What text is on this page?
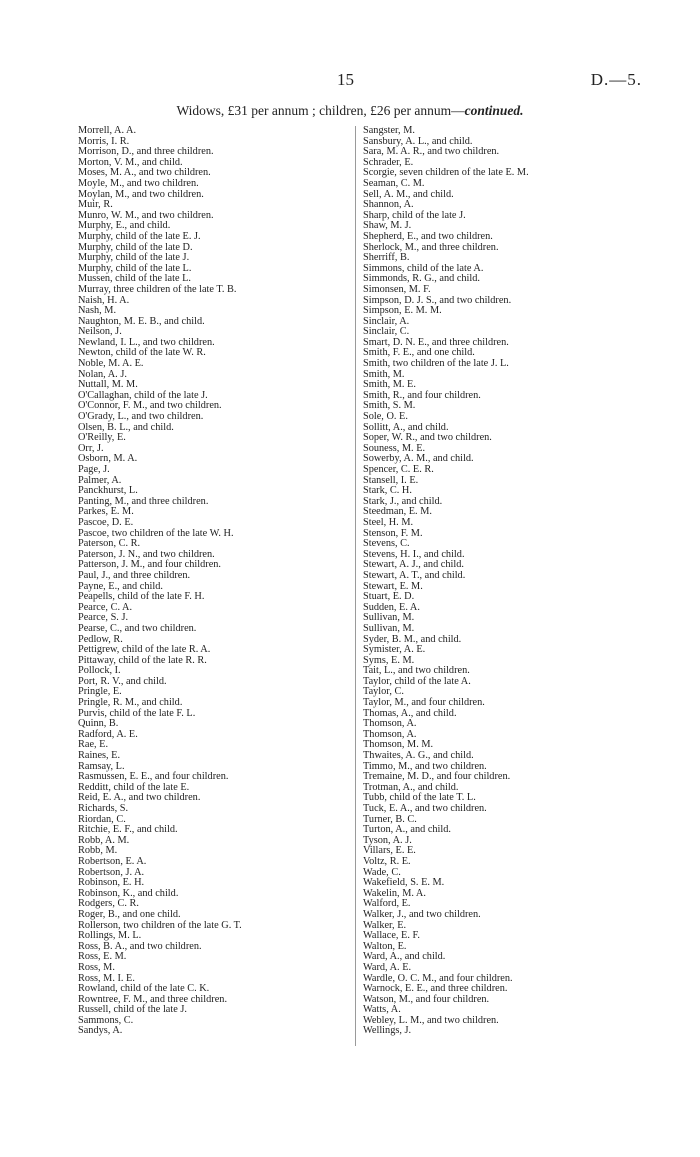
15	D.—5.
Widows, £31 per annum ; children, £26 per annum—continued.
Morrell, A. A.
Morris, I. R.
Morrison, D., and three children.
Morton, V. M., and child.
Moses, M. A., and two children.
Moyle, M., and two children.
Moylan, M., and two children.
Muir, R.
Munro, W. M., and two children.
Murphy, E., and child.
Murphy, child of the late E. J.
Murphy, child of the late D.
Murphy, child of the late J.
Murphy, child of the late L.
Mussen, child of the late L.
Murray, three children of the late T. B.
Naish, H. A.
Nash, M.
Naughton, M. E. B., and child.
Neilson, J.
Newland, I. L., and two children.
Newton, child of the late W. R.
Noble, M. A. E.
Nolan, A. J.
Nuttall, M. M.
O'Callaghan, child of the late J.
O'Connor, F. M., and two children.
O'Grady, L., and two children.
Olsen, B. L., and child.
O'Reilly, E.
Orr, J.
Osborn, M. A.
Page, J.
Palmer, A.
Panckhurst, L.
Panting, M., and three children.
Parkes, E. M.
Pascoe, D. E.
Pascoe, two children of the late W. H.
Paterson, C. R.
Paterson, J. N., and two children.
Patterson, J. M., and four children.
Paul, J., and three children.
Payne, E., and child.
Peapells, child of the late F. H.
Pearce, C. A.
Pearce, S. J.
Pearse, C., and two children.
Pedlow, R.
Pettigrew, child of the late R. A.
Pittaway, child of the late R. R.
Pollock, I.
Port, R. V., and child.
Pringle, E.
Pringle, R. M., and child.
Purvis, child of the late F. L.
Quinn, B.
Radford, A. E.
Rae, E.
Raines, E.
Ramsay, L.
Rasmussen, E. E., and four children.
Redditt, child of the late E.
Reid, E. A., and two children.
Richards, S.
Riordan, C.
Ritchie, E. F., and child.
Robb, A. M.
Robb, M.
Robertson, E. A.
Robertson, J. A.
Robinson, E. H.
Robinson, K., and child.
Rodgers, C. R.
Roger, B., and one child.
Rollerson, two children of the late G. T.
Rollings, M. L.
Ross, B. A., and two children.
Ross, E. M.
Ross, M.
Ross, M. I. E.
Rowland, child of the late C. K.
Rowntree, F. M., and three children.
Russell, child of the late J.
Sammons, C.
Sandys, A.
Sangster, M.
Sansbury, A. L., and child.
Sara, M. A. R., and two children.
Schrader, E.
Scorgie, seven children of the late E. M.
Seaman, C. M.
Sell, A. M., and child.
Shannon, A.
Sharp, child of the late J.
Shaw, M. J.
Shepherd, E., and two children.
Sherlock, M., and three children.
Sherriff, B.
Simmons, child of the late A.
Simmonds, R. G., and child.
Simonsen, M. F.
Simpson, D. J. S., and two children.
Simpson, E. M. M.
Sinclair, A.
Sinclair, C.
Smart, D. N. E., and three children.
Smith, F. E., and one child.
Smith, two children of the late J. L.
Smith, M.
Smith, M. E.
Smith, R., and four children.
Smith, S. M.
Sole, O. E.
Sollitt, A., and child.
Soper, W. R., and two children.
Souness, M. E.
Sowerby, A. M., and child.
Spencer, C. E. R.
Stansell, I. E.
Stark, C. H.
Stark, J., and child.
Steedman, E. M.
Steel, H. M.
Stenson, F. M.
Stevens, C.
Stevens, H. I., and child.
Stewart, A. J., and child.
Stewart, A. T., and child.
Stewart, E. M.
Stuart, E. D.
Sudden, E. A.
Sullivan, M.
Sullivan, M.
Syder, B. M., and child.
Symister, A. E.
Syms, E. M.
Tait, L., and two children.
Taylor, child of the late A.
Taylor, C.
Taylor, M., and four children.
Thomas, A., and child.
Thomson, A.
Thomson, A.
Thomson, M. M.
Thwaites, A. G., and child.
Timmo, M., and two children.
Tremaine, M. D., and four children.
Trotman, A., and child.
Tubb, child of the late T. L.
Tuck, E. A., and two children.
Turner, B. C.
Turton, A., and child.
Tyson, A. J.
Villars, E. E.
Voltz, R. E.
Wade, C.
Wakefield, S. E. M.
Wakelin, M. A.
Walford, E.
Walker, J., and two children.
Walker, E.
Wallace, E. F.
Walton, E.
Ward, A., and child.
Ward, A. E.
Wardle, O. C. M., and four children.
Warnock, E. E., and three children.
Watson, M., and four children.
Watts, A.
Webley, L. M., and two children.
Wellings, J.
